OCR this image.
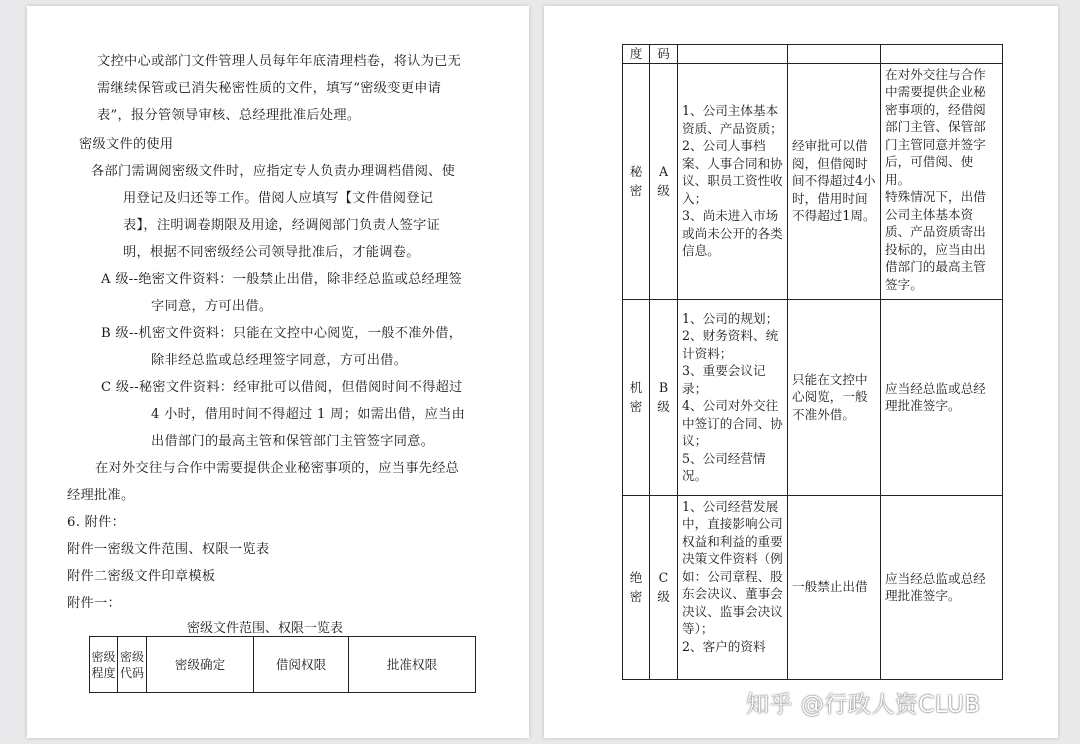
文控中心或部门文件管理人员每年年底清理档卷，将认为已无
需继续保管或已消失秘密性质的文件，填写“密级变更申请
表”，报分管领导审核、总经理批准后处理。
密级文件的使用
各部门需调阅密级文件时，应指定专人负责办理调档借阅、使
用登记及归还等工作。借阅人应填写【文件借阅登记
表】，注明调卷期限及用途，经调阅部门负责人签字证
明，根据不同密级经公司领导批准后，才能调卷。
A 级--绝密文件资料：一般禁止出借，除非经总监或总经理签
字同意，方可出借。
B 级--机密文件资料：只能在文控中心阅览，一般不准外借，
除非经总监或总经理签字同意，方可出借。
C 级--秘密文件资料：经审批可以借阅，但借阅时间不得超过
4 小时，借用时间不得超过 1 周；如需出借，应当由
出借部门的最高主管和保管部门主管签字同意。
在对外交往与合作中需要提供企业秘密事项的，应当事先经总
经理批准。
6. 附件：
附件一密级文件范围、权限一览表
附件二密级文件印章模板
附件一：
密级文件范围、权限一览表
密级程度	密级代码	密级确定	借阅权限	批准权限
度	码			

秘密	A级	1、公司主体基本资质、产品资质；
2、公司人事档案、人事合同和协议、职员工资性收入；
3、尚未进入市场或尚未公开的各类信息。	经审批可以借阅，但借阅时间不得超过4小时，借用时间不得超过1周。	在对外交往与合作中需要提供企业秘密事项的，经借阅部门主管、保管部门主管同意并签字后，可借阅、使用。
特殊情况下，出借公司主体基本资质、产品资质寄出投标的，应当由出借部门的最高主管签字。

机密	B级	1、公司的规划；
2、财务资料、统计资料；
3、重要会议记录；
4、公司对外交往中签订的合同、协议；
5、公司经营情况。	只能在文控中心阅览，一般不准外借。	应当经总监或总经理批准签字。

绝密	C级	1、公司经营发展中，直接影响公司权益和利益的重要决策文件资料（例如：公司章程、股东会决议、董事会决议、监事会决议等）；
2、客户的资料	一般禁止出借	应当经总监或总经理批准签字。
知乎 @行政人资CLUB
